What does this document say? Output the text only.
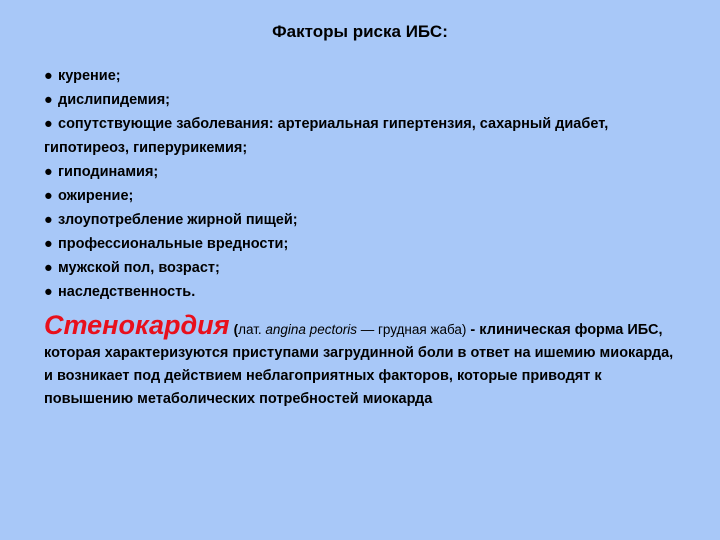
Факторы риска ИБС:
● курение;
● дислипидемия;
● сопутствующие заболевания: артериальная гипертензия, сахарный диабет, гипотиреоз, гиперурикемия;
● гиподинамия;
● ожирение;
● злоупотребление жирной пищей;
● профессиональные вредности;
● мужской пол, возраст;
● наследственность.
Стенокардия (лат. angina pectoris — грудная жаба) - клиническая форма ИБС, которая характеризуются приступами загрудинной боли в ответ на ишемию миокарда, и возникает под действием неблагоприятных факторов, которые приводят к повышению метаболических потребностей миокарда
